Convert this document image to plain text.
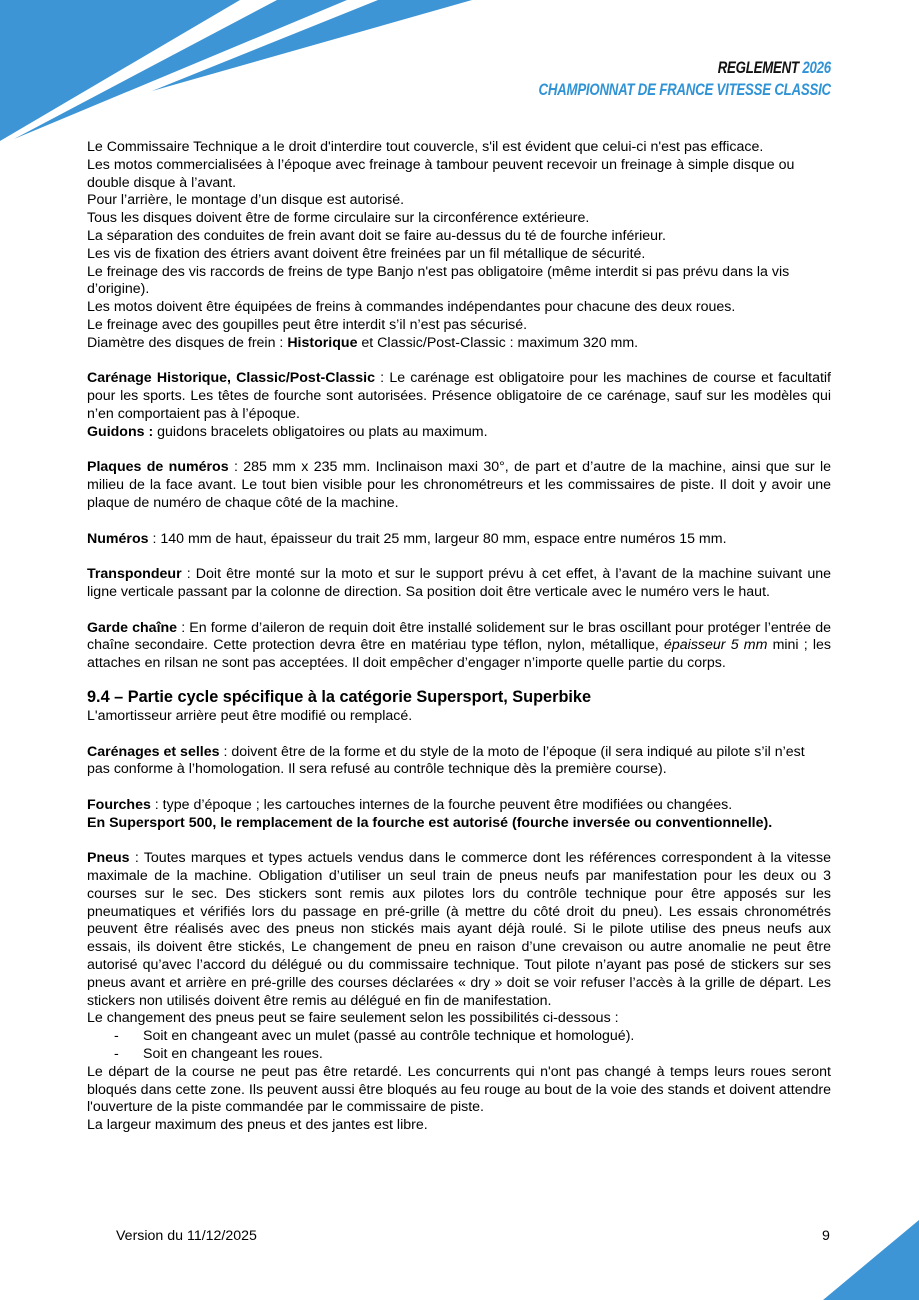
REGLEMENT 2026
CHAMPIONNAT DE FRANCE VITESSE CLASSIC

Le Commissaire Technique a le droit d'interdire tout couvercle, s'il est évident que celui-ci n'est pas efficace.

Les motos commercialisées à l’époque avec freinage à tambour peuvent recevoir un freinage à simple disque ou double disque à l’avant.

Pour l’arrière, le montage d’un disque est autorisé.

Tous les disques doivent être de forme circulaire sur la circonférence extérieure.

La séparation des conduites de frein avant doit se faire au-dessus du té de fourche inférieur.

Les vis de fixation des étriers avant doivent être freinées par un fil métallique de sécurité.

Le freinage des vis raccords de freins de type Banjo n'est pas obligatoire (même interdit si pas prévu dans la vis d’origine).

Les motos doivent être équipées de freins à commandes indépendantes pour chacune des deux roues.

Le freinage avec des goupilles peut être interdit s’il n’est pas sécurisé.

Diamètre des disques de frein : Historique et Classic/Post-Classic : maximum 320 mm.

Carénage Historique, Classic/Post-Classic : Le carénage est obligatoire pour les machines de course et facultatif pour les sports. Les têtes de fourche sont autorisées. Présence obligatoire de ce carénage, sauf sur les modèles qui n’en comportaient pas à l’époque.

Guidons : guidons bracelets obligatoires ou plats au maximum.

Plaques de numéros : 285 mm x 235 mm. Inclinaison maxi 30°, de part et d’autre de la machine, ainsi que sur le milieu de la face avant. Le tout bien visible pour les chronométreurs et les commissaires de piste. Il doit y avoir une plaque de numéro de chaque côté de la machine.

Numéros : 140 mm de haut, épaisseur du trait 25 mm, largeur 80 mm, espace entre numéros 15 mm.

Transpondeur : Doit être monté sur la moto et sur le support prévu à cet effet, à l’avant de la machine suivant une ligne verticale passant par la colonne de direction. Sa position doit être verticale avec le numéro vers le haut.

Garde chaîne : En forme d’aileron de requin doit être installé solidement sur le bras oscillant pour protéger l’entrée de chaîne secondaire. Cette protection devra être en matériau type téflon, nylon, métallique, épaisseur 5 mm mini ; les attaches en rilsan ne sont pas acceptées. Il doit empêcher d’engager n’importe quelle partie du corps.

9.4 – Partie cycle spécifique à la catégorie Supersport, Superbike

L'amortisseur arrière peut être modifié ou remplacé.

Carénages et selles : doivent être de la forme et du style de la moto de l’époque (il sera indiqué au pilote s’il n’est pas conforme à l’homologation. Il sera refusé au contrôle technique dès la première course).

Fourches : type d’époque ; les cartouches internes de la fourche peuvent être modifiées ou changées.

En Supersport 500, le remplacement de la fourche est autorisé (fourche inversée ou conventionnelle).

Pneus : Toutes marques et types actuels vendus dans le commerce dont les références correspondent à la vitesse maximale de la machine. Obligation d’utiliser un seul train de pneus neufs par manifestation pour les deux ou 3 courses sur le sec. Des stickers sont remis aux pilotes lors du contrôle technique pour être apposés sur les pneumatiques et vérifiés lors du passage en pré-grille (à mettre du côté droit du pneu). Les essais chronométrés peuvent être réalisés avec des pneus non stickés mais ayant déjà roulé. Si le pilote utilise des pneus neufs aux essais, ils doivent être stickés, Le changement de pneu en raison d’une crevaison ou autre anomalie ne peut être autorisé qu’avec l’accord du délégué ou du commissaire technique. Tout pilote n’ayant pas posé de stickers sur ses pneus avant et arrière en pré-grille des courses déclarées « dry » doit se voir refuser l’accès à la grille de départ. Les stickers non utilisés doivent être remis au délégué en fin de manifestation.

Le changement des pneus peut se faire seulement selon les possibilités ci-dessous :

-	Soit en changeant avec un mulet (passé au contrôle technique et homologué).
-	Soit en changeant les roues.

Le départ de la course ne peut pas être retardé. Les concurrents qui n'ont pas changé à temps leurs roues seront bloqués dans cette zone. Ils peuvent aussi être bloqués au feu rouge au bout de la voie des stands et doivent attendre l'ouverture de la piste commandée par le commissaire de piste.

La largeur maximum des pneus et des jantes est libre.

Version du 11/12/2025	9
